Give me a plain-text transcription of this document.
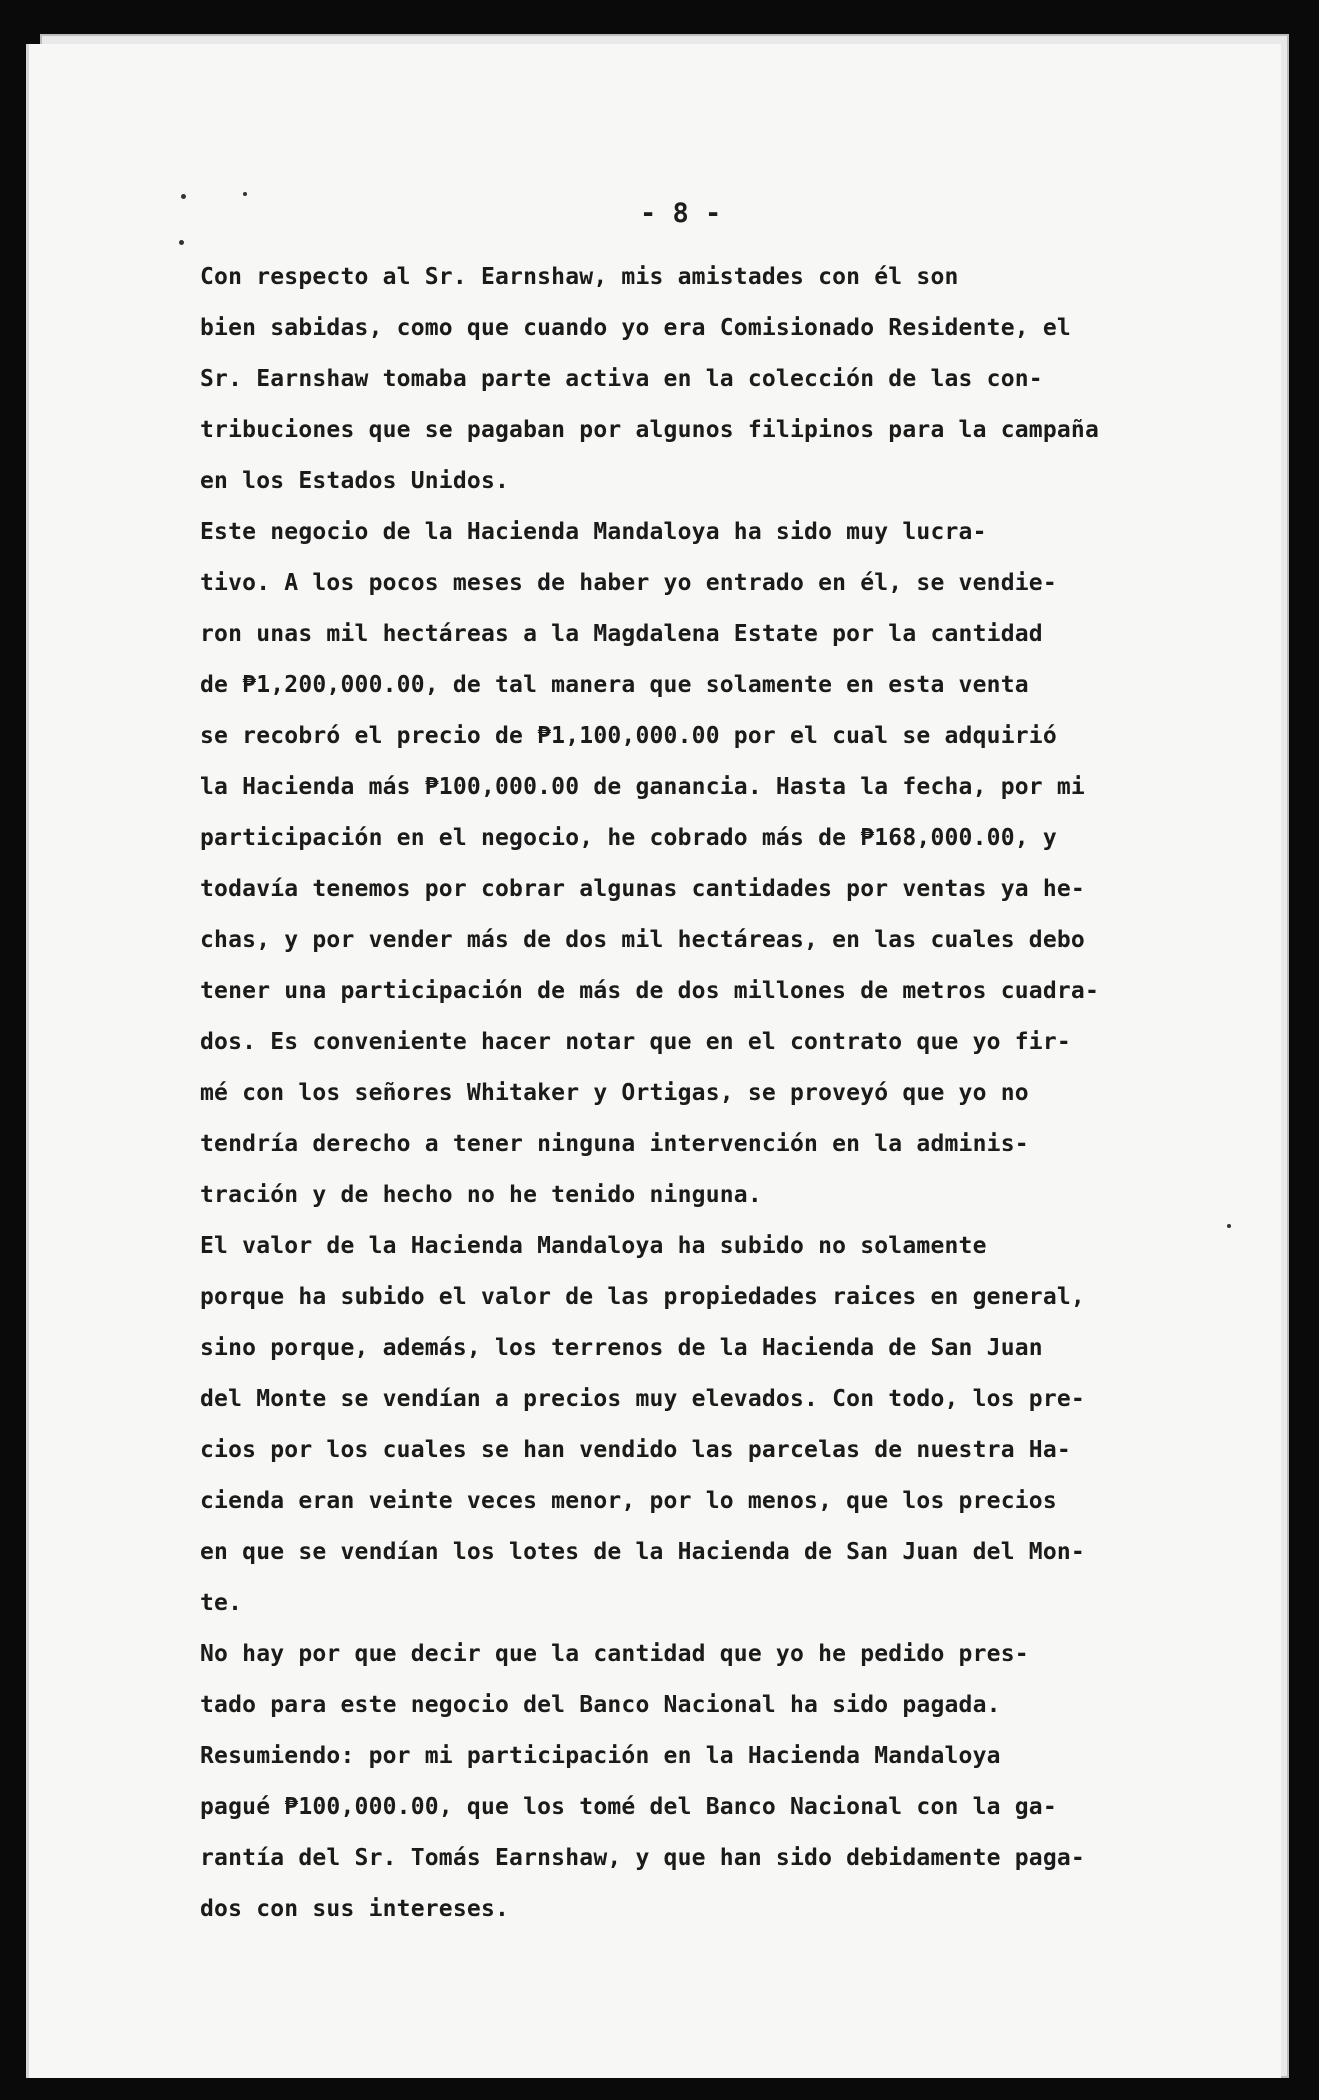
- 8 -

Con respecto al Sr. Earnshaw, mis amistades con él son
bien sabidas, como que cuando yo era Comisionado Residente, el
Sr. Earnshaw tomaba parte activa en la colección de las con-
tribuciones que se pagaban por algunos filipinos para la campaña
en los Estados Unidos.

Este negocio de la Hacienda Mandaloya ha sido muy lucra-
tivo. A los pocos meses de haber yo entrado en él, se vendie-
ron unas mil hectáreas a la Magdalena Estate por la cantidad
de ₱1,200,000.00, de tal manera que solamente en esta venta
se recobró el precio de ₱1,100,000.00 por el cual se adquirió
la Hacienda más ₱100,000.00 de ganancia. Hasta la fecha, por mi
participación en el negocio, he cobrado más de ₱168,000.00, y
todavía tenemos por cobrar algunas cantidades por ventas ya he-
chas, y por vender más de dos mil hectáreas, en las cuales debo
tener una participación de más de dos millones de metros cuadra-
dos. Es conveniente hacer notar que en el contrato que yo fir-
mé con los señores Whitaker y Ortigas, se proveyó que yo no
tendría derecho a tener ninguna intervención en la adminis-
tración y de hecho no he tenido ninguna.

El valor de la Hacienda Mandaloya ha subido no solamente
porque ha subido el valor de las propiedades raices en general,
sino porque, además, los terrenos de la Hacienda de San Juan
del Monte se vendían a precios muy elevados. Con todo, los pre-
cios por los cuales se han vendido las parcelas de nuestra Ha-
cienda eran veinte veces menor, por lo menos, que los precios
en que se vendían los lotes de la Hacienda de San Juan del Mon-
te.

No hay por que decir que la cantidad que yo he pedido pres-
tado para este negocio del Banco Nacional ha sido pagada.

Resumiendo: por mi participación en la Hacienda Mandaloya
pagué ₱100,000.00, que los tomé del Banco Nacional con la ga-
rantía del Sr. Tomás Earnshaw, y que han sido debidamente paga-
dos con sus intereses.
